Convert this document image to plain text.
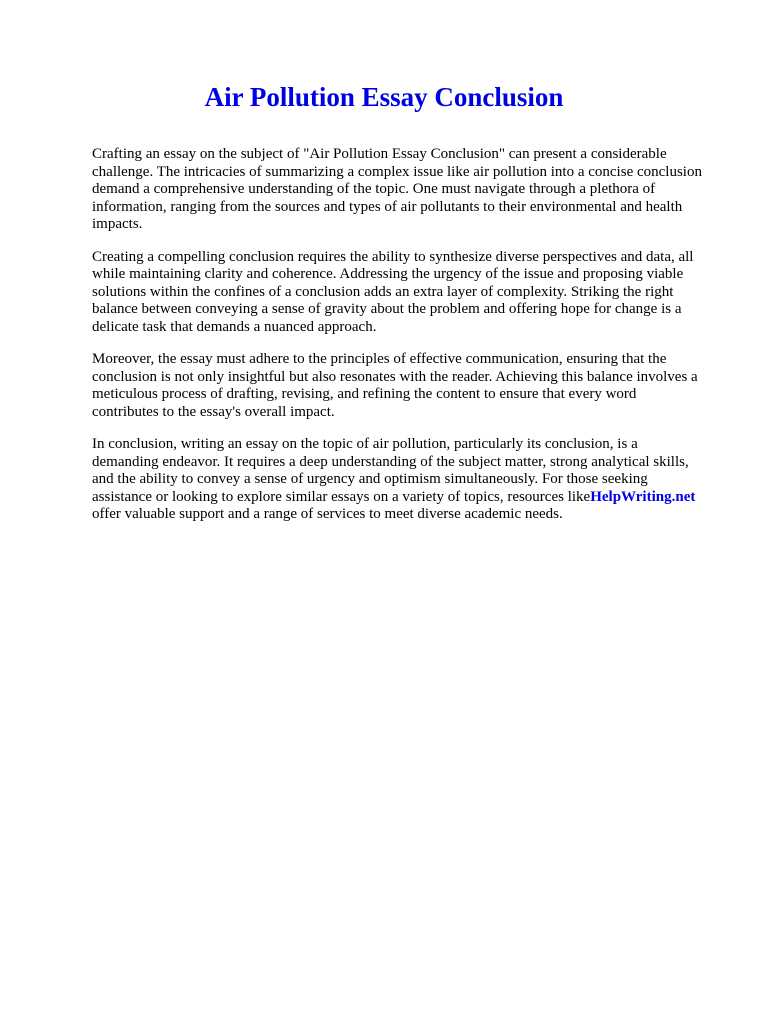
Air Pollution Essay Conclusion

Crafting an essay on the subject of "Air Pollution Essay Conclusion" can present a considerable
challenge. The intricacies of summarizing a complex issue like air pollution into a concise conclusion
demand a comprehensive understanding of the topic. One must navigate through a plethora of
information, ranging from the sources and types of air pollutants to their environmental and health
impacts.

Creating a compelling conclusion requires the ability to synthesize diverse perspectives and data, all
while maintaining clarity and coherence. Addressing the urgency of the issue and proposing viable
solutions within the confines of a conclusion adds an extra layer of complexity. Striking the right
balance between conveying a sense of gravity about the problem and offering hope for change is a
delicate task that demands a nuanced approach.

Moreover, the essay must adhere to the principles of effective communication, ensuring that the
conclusion is not only insightful but also resonates with the reader. Achieving this balance involves a
meticulous process of drafting, revising, and refining the content to ensure that every word
contributes to the essay's overall impact.

In conclusion, writing an essay on the topic of air pollution, particularly its conclusion, is a
demanding endeavor. It requires a deep understanding of the subject matter, strong analytical skills,
and the ability to convey a sense of urgency and optimism simultaneously. For those seeking
assistance or looking to explore similar essays on a variety of topics, resources likeHelpWriting.net
offer valuable support and a range of services to meet diverse academic needs.
